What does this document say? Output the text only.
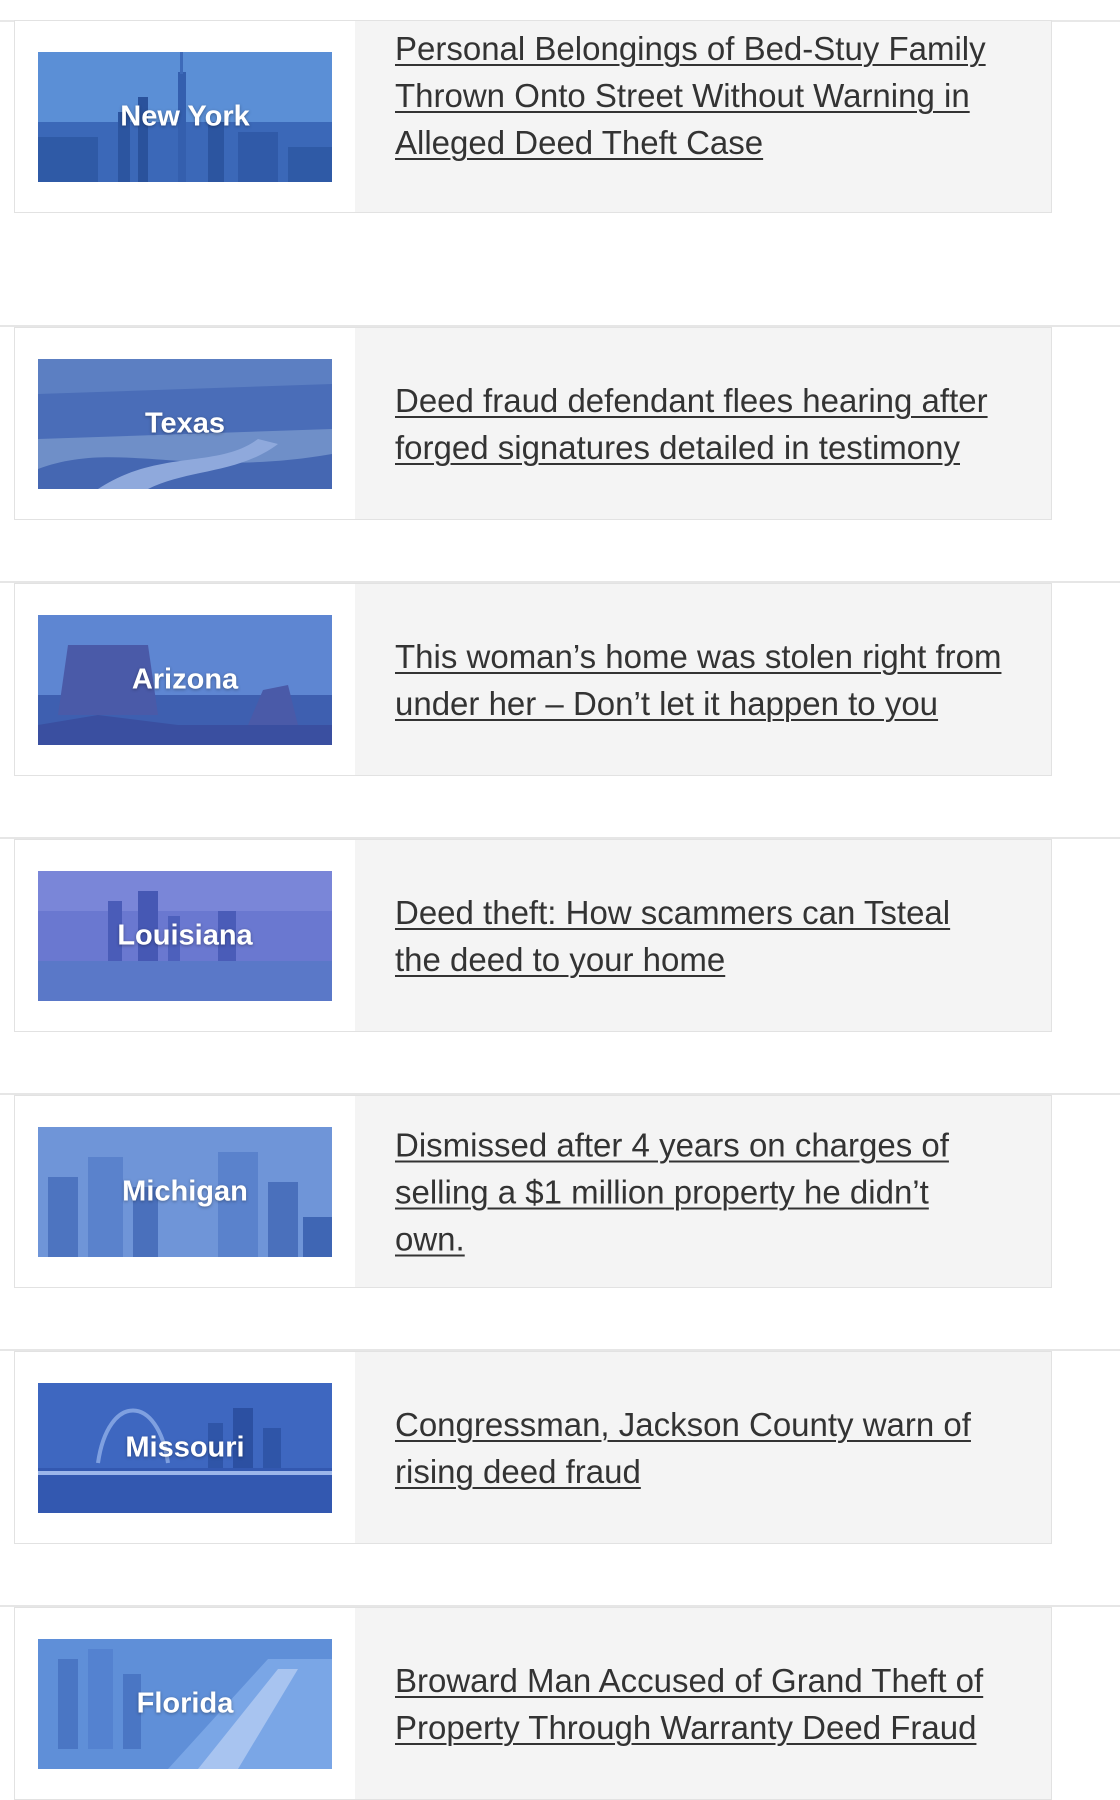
New York

Personal Belongings of Bed-Stuy Family
Thrown Onto Street Without Warning in
Alleged Deed Theft Case

Texas

Deed fraud defendant flees hearing after forged signatures detailed in testimony

Arizona

This woman’s home was stolen right from under her – Don’t let it happen to you

Louisiana

Deed theft: How scammers can Tsteal the deed to your home

Michigan

Dismissed after 4 years on charges of selling a $1 million property he didn’t own.

Missouri

Congressman, Jackson County warn of rising deed fraud

Florida

Broward Man Accused of Grand Theft of Property Through Warranty Deed Fraud
